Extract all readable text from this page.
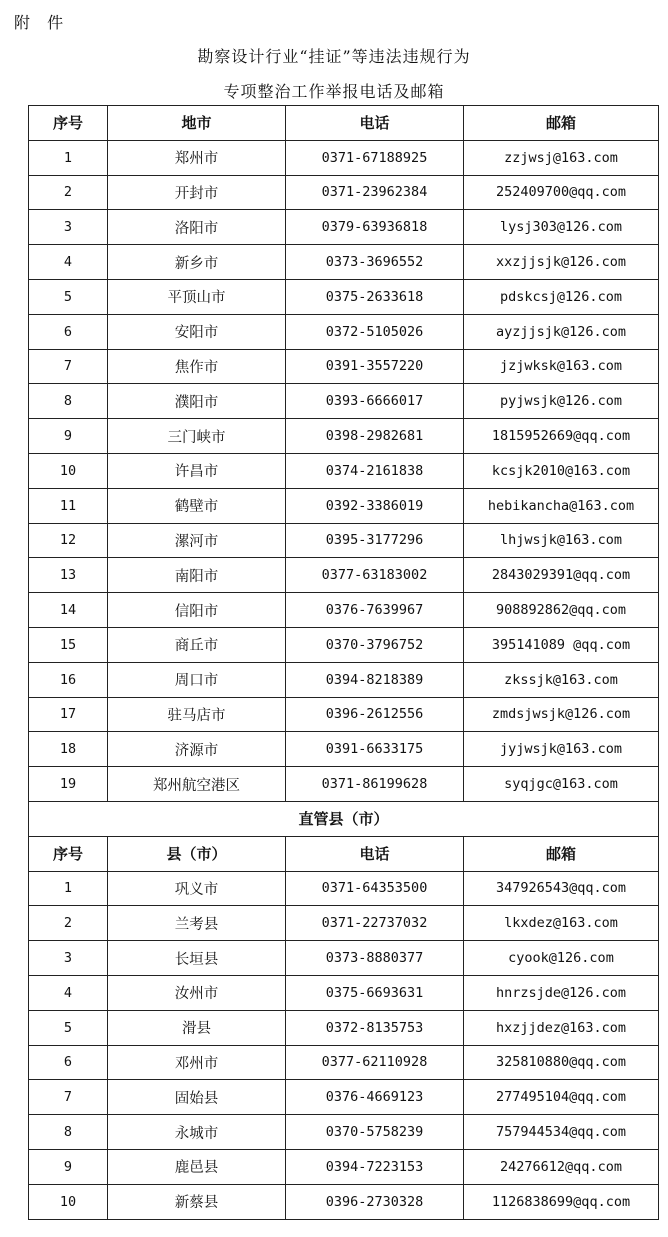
附 件
勘察设计行业“挂证”等违法违规行为
专项整治工作举报电话及邮箱
序号	地市	电话	邮箱
1	郑州市	0371-67188925	zzjwsj@163.com
2	开封市	0371-23962384	252409700@qq.com
3	洛阳市	0379-63936818	lysj303@126.com
4	新乡市	0373-3696552	xxzjjsjk@126.com
5	平顶山市	0375-2633618	pdskcsj@126.com
6	安阳市	0372-5105026	ayzjjsjk@126.com
7	焦作市	0391-3557220	jzjwksk@163.com
8	濮阳市	0393-6666017	pyjwsjk@126.com
9	三门峡市	0398-2982681	1815952669@qq.com
10	许昌市	0374-2161838	kcsjk2010@163.com
11	鹤壁市	0392-3386019	hebikancha@163.com
12	漯河市	0395-3177296	lhjwsjk@163.com
13	南阳市	0377-63183002	2843029391@qq.com
14	信阳市	0376-7639967	908892862@qq.com
15	商丘市	0370-3796752	395141089 @qq.com
16	周口市	0394-8218389	zkssjk@163.com
17	驻马店市	0396-2612556	zmdsjwsjk@126.com
18	济源市	0391-6633175	jyjwsjk@163.com
19	郑州航空港区	0371-86199628	syqjgc@163.com
直管县（市）			
序号	县（市）	电话	邮箱
1	巩义市	0371-64353500	347926543@qq.com
2	兰考县	0371-22737032	lkxdez@163.com
3	长垣县	0373-8880377	cyook@126.com
4	汝州市	0375-6693631	hnrzsjde@126.com
5	滑县	0372-8135753	hxzjjdez@163.com
6	邓州市	0377-62110928	325810880@qq.com
7	固始县	0376-4669123	277495104@qq.com
8	永城市	0370-5758239	757944534@qq.com
9	鹿邑县	0394-7223153	24276612@qq.com
10	新蔡县	0396-2730328	1126838699@qq.com
